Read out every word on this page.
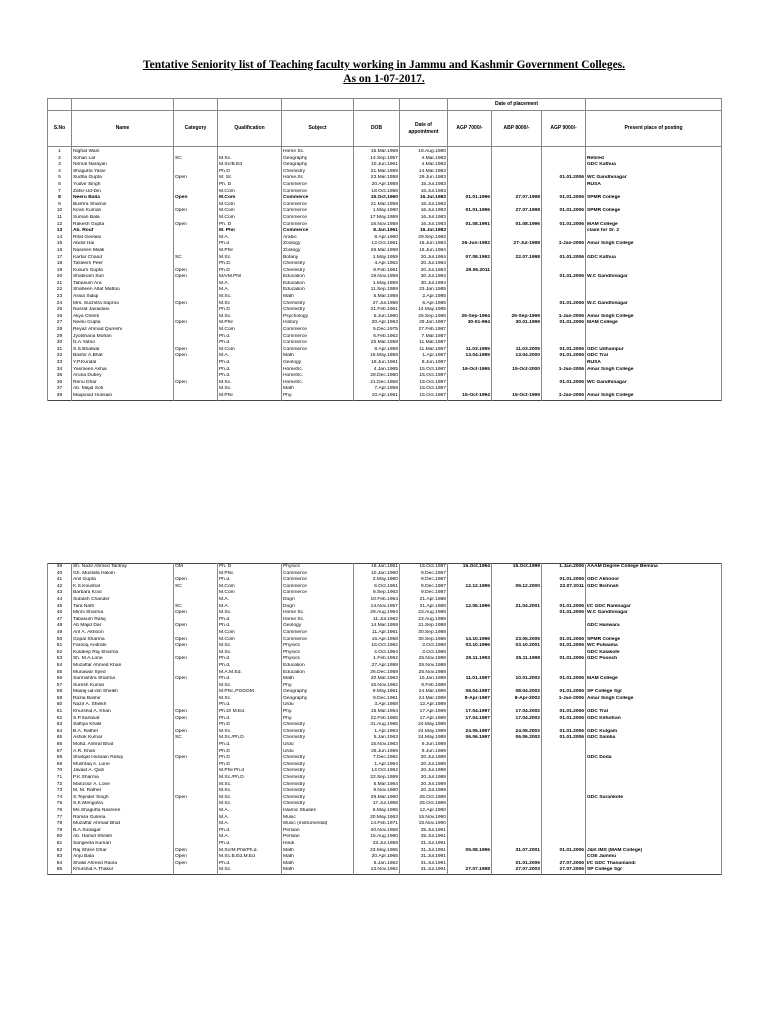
Tentative Seniority list of Teaching faculty working in Jammu and Kashmir Government Colleges.
As on 1-07-2017.
							Date of placement			
S.No	Name	Category	Qualification	Subject	DOB	Date of appointment	AGP 7000/-	ABP 8000/-	AGP 9000/-	Present place of posting
1	Nighat Wani			Home Sc.	15.Mar.1959	18.Aug.1980				
2	Sohan Lal	SC	M.Sc.	Geography	14.Sep.1957	4.Mar.1983				Retired
3	Nirmal Narayan		M.Sc/B.Ed	Geography	10.Jun.1961	4.Mar.1983				GDC Kathua
4	Shagufta Yasvi		Ph.D	Chemistry	21.Mar.1959	14.Mar.1983				
5	Sudha Gupta	Open	M. Sc	Home.Sc	23.Mar.1958	29.Jun.1983			01.01.2006	WC Gandhinagar
6	Yudvir Singh		Ph. D	Commerce	20.Apr.1958	15.Jul.1983				RUSA
7	Zahir-Ud-Din		M.Com	Commerce	18.Oct.1958	16.Jul.1983				
8	Neeru Balla	Open	M.Com	Commerce	15.Oct.1960	16.Jul.1983	01.01.1996	27.07.1998	01.01.2006	SPMR College
9	Bushra Shamin		M.Com	Commerce	21.Mar.1959	16.Jul.1983				
10	Kiran Kumari	Open	M.Com	Commerce	1.May.1960	16.Jul.1983	01.01.1996	27.07.1998	01.01.2006	SPMR College
11	Suman Bala		M.Com	Commerce	17.May.1959	16.Jul.1983				
12	Rakesh Gupta	Open	Ph. D	Commerce	16.Nov.1958	16.Jul.1983	01.08.1991	01.08.1996	01.01.2006	MAM College
13	Ab. Rouf		M. Phil	Commerce	8.Jan.1961	16.Jul.1983				claim for Sr. 2
14	Rifat Geelani		M.A.	Arabic	8.Apr.1960	29.Sep.1983				
15	Abdul Hai		Ph.d	Zoology	13.Oct.1961	16.Jun.1984	26-Jun-1992	27-Jul-1998	1-Jan-2006	Amar Singh College
16	Nasreen Malik		M.Phil	Zoology	26.Mar.1958	16.Jun.1984				
17	Kartar Chand	SC	M.Sc.	Botany	1.May.1959	20.Jul.1984	07.08.1992	22.07.1998	01.01.2006	GDC Kathua
18	Tasleem Peer		Ph.D.	Chemistry	4.Apr.1962	20.Jul.1984				
19	Kusum Gupta	Open	Ph.D	Chemistry	8.Feb.1961	20.Jul.1984	29.06.2011			
20	Shabnam Suri	Open	MA/M.Phil	Education	19.Nov.1959	30.Jul.1984			01.01.2006	W.C Gandhinagar
21	Tabasum Ara		M.A.	Education	1.May.1959	30.Jul.1984				
22	Shaheen Altaf Mattoo		M.A.	Education	11.Sep.1959	23.Jan.1985				
23	Assia Sidiqi		M.Sc.	Math	5.Mar.1958	2.Apr.1985				
24	Mrs. Suchitra Saproo	Open	M.Sc	Chemistry	27.Jul.1958	6.Apr.1985			01.01.2006	W.C Gandhinagar
25	Nusrat Javaidani		Ph.D	Chemistry	21.Feb.1961	14.May.1985				
26	Aliya Cheeti		M.Sc.	Psychology	5.Jun.1960	25.Sep.1986	25-Sep-1994	25-Sep-1999	1-Jan-2006	Amar Singh College
27	Neelu Gupta	Open	M.Phil	History	20.Apr.1963	29.Jan.1987	30-01-994	30.01.1999	01.01.2006	MAM College
28	Reyaz Ahmad Qureshi		M.Com	Commerce	5.Dec.1975	27.Feb.1987				
29	Jyotshana Mohan		Ph.d.	Commerce	6.Feb.1962	7.Mar.1987				
30	N.A.Yatoo		Ph.d.	Commerce	25.Mar.1959	11.Mar.1987				
31	S.S.Bhalwal	Open	M.Com	Commerce	8.Apr.1959	11.Mar.1987	11.03.1995	11.03.2005	01.01.2006	GDC Udhampur
32	Bashir A.Bhat	Open	M.A.	Math	16.May.1959	1.Apr.1987	13.04.1995	13.04.2000	01.01.2006	GDC Tral
33	Y.P.Kundal		Ph.d.	Geology	19.Jun.1961	8.Jun.1987				RUSA
34	Yasmeen Ashai		Ph.d.	HomeSc.	4.Jan.1965	15.Oct.1987	16-Oct-1995	15-Oct-2000	1-Jan-2006	Amar Singh College
35	Aruna Dubey		Ph.d.	HomeSc.	28.Dec.1960	15.Oct.1987				
36	Renu Dhar	Open	M.Sc.	HomeSc.	21.Dec.1958	15.Oct.1987			01.01.2006	WC Gandhinagar
37	Ab. Majid Sofi		M.Sc.	Math	7.Apr.1959	15.Oct.1987				
38	Maqsood Hussain		M.Phil	Phy.	10.Apr.1961	15.Oct.1987	15-Oct-1994	15-Oct-1999	1-Jan-2006	Amar Singh College
39	Sh. Nazir Ahmed Tantray	OM	Ph. D	Physics	18.Jan.1961	15.Oct.1987	15.Oct.1994	15.Oct.1999	1.Jan.2006	AAAM Degree College Bemina
40	Gh. Mustafa Hakim		M.Phil.	Commerce	10.Jan.1960	9.Dec.1987				
41	Anil Gupta	Open	Ph.d.	Commerce	2.May.1960	9.Dec.1987			01.01.2006	GDC Akhnoor
42	K.S.Koushal	SC	M.Com	Commerce	6.Oct.1961	9.Dec.1987	12.12.1995	09.12.2000	22.07.2011	GDC Bishnah
43	Barbara Koul		M.Com	Commerce	8.Sep.1963	9.Dec.1987				
44	Subash Chander		M.A.	Dogri	10.Feb.1964	21.Apr.1988				
45	Tara Nath	SC	M.A.	Dogri	14.Nov.1957	21.Apr.1988	12.05.1996	21.04.2001	01.01.2006	I/C GDC Ramnagar
46	Minni Sharma	Open	M.Sc.	Home Sc.	28.Aug.1964	23.Aug.1988			01.01.2006	W.C Gandhinagar
47	Tabasum Rafiq		Ph.d.	Home Sc.	11.Jul.1962	23.Aug.1988				
48	Ab Majid Dar	Open	Ph.d.	Geology	14.Mar.1959	21.Sep.1988				GDC Hanwara
49	Arif A. Akhoon		M.Com	Commerce	11.Apr.1961	30.Sep.1988				
50	Gopal Sharma	Open	M.Com	Commerce	16.Apr.1958	30.Sep.1988	14.10.1996	23.05.2005	01.01.2006	SPMR College
51	Farooq Andrabi	Open	M.Sc.	Physics	16.Oct.1962	3.Oct.1988	03.10.1996	03.10.2001	01.01.2006	WC Pulwama
52	Kuldeep Raj Sharma		M.Sc.	Physics	4.Oct.1964	3.Oct.1988				GDC Kalakote
53	Sh. M.A.Lone	Open	Ph.d	Physics	1.Feb.1962	25.Nov.1988	25.11.1993	25.11.1998	01.01.2006	GDC Poonch
54	Muzaffar Ahmed Khan		Ph.d.	Education	27.Apr.1958	25.Nov.1988				
55	Munawar Syed		M.A.M.Ed.	Education	26.Dec.1959	25.Nov.1988				
56	Sarmishtra Sharma	Open	Ph.d.	Math	20.Mar.1963	10.Jan.1989	11.01.1997	10.01.2002	01.01.2006	MAM College
57	Suresh Kumar		M.Sc.	Phy.	15.Nov.1962	9.Feb.1989				
58	Mairaj-ud-din Sheikh		M.Phil.,PGDOM	Geography	9.May.1961	24.Mar.1989	08.04.1997	08.04.2002	01.01.2006	SP College Sgr
59	Razia Bashir		M.Sc.	Geography	9.Dec.1961	24.Mar.1989	8-Apr-1997	8-Apr-2002	1-Jan-2006	Amar Singh College
60	Nazir A. Sheikh		Ph.d.	Urdu	3.Apr.1958	12.Apr.1989				
61	Khurshid A. Khan	Open	Ph.D/ M.Ed.	Phy.	15.Mar.1964	17.Apr.1989	17.04.1997	17.04.2002	01.01.2006	GDC Tral
62	S.P.Sarswat	Open	Ph.d.	Phy.	22.Feb.1965	17.Apr.1989	17.04.1997	17.04.2002	01.01.2006	GDC Kilhotran
63	Saffiya Khalil		Ph.D	Chemistry	31.Aug.1965	24.May.1989				
64	B.A. Rather	Open	M.Sc.	Chemistry	1.Apr.1963	24.May.1989	24.05.1997	24.05.2002	01.01.2006	GDC Kulgam
65	Ashok Kumar	SC	M.Sc./Ph.D	Chemistry	5.Jan.1963	24.May.1989	06.06.1997	06.06.2002	01.01.2006	GDC Samba
66	Mohd. Ashraf Bhat		Ph.d.	Urdu	15.Nov.1963	9.Jun.1989				
67	A.R. Khan		Ph.D	Urdu	26.Jun.1959	9.Jun.1989				
68	Shafqat Hussain Rafiqi	Open	Ph.D	Chemistry	7.Dec.1962	20.Jul.1989				GDC Doda
69	Mushtaq A. Lone		Ph.D	Chemistry	1.Apr.1964	20.Jul.1989				
70	Javaid A. Qazi		M.Phil Ph.d	Chemistry	14.Oct.1962	20.Jul.1989				
71	P.K.Sharma		M.Sc./Ph.D	Chemistry	22.Sep.1959	20.Jul.1989				
72	Manzoor A. Lone		M.Sc.	Chemistry	5.Mar.1964	20.Jul.1989				
73	M. M. Rather		M.Sc.	Chemistry	9.Nov.1960	20.Jul.1989				
74	S.Tejinder Singh	Open	M.Sc.	Chemistry	29.Mar.1960	25.Oct.1989				GDC Surankote
75	S.K.Mengotra		M.Sc.	Chemistry	17.Jul.1958	25.Oct.1989				
76	Ms.Shagufta Nasreen		M.A.	Islamic Studies	6.May.1965	12.Apr.1990				
77	Romila Guleria		M.A.	Music	20.May.1963	15.Nov.1990				
78	Muzaffar Ahmad Bhat		M.A.	Music (Instrumental)	14.Feb.1971	15.Nov.1990				
79	B.A.Sodagar		Ph.d.	Persian	20.Nov.1958	25.Jul.1991				
80	Ab. Hamid Sheikh		M.A.	Persian	15.Aug.1960	25.Jul.1991				
81	Sangeeta Kumari		Ph.d.	Hindi	23.Jul.1959	31.Jul.1991				
82	Raj Shree Dhar	Open	M.Sc/M.Phil/Ph.d.	Math	23.May.1965	31.Jul.1991	05.08.1996	31.07.2001	01.01.2006	J&K IMS (MAM College)
83	Anju Bala	Open	M.Sc.B.Ed.M.Ed	Math	20.Apr.1966	31.Jul.1991				COE Jammu
84	Shakil Ahmed Raina	Open	Ph.d.	Math	6.Jan.1962	31.Jul.1991		01.01.2006	27.07.2006	I/C GDC Thanamandi
85	Khurshid A.Thakur		M.Sc.	Math	13.Nov.1962	31.Jul.1991	27.07.1998	27.07.2003	27.07.2006	SP College Sgr
